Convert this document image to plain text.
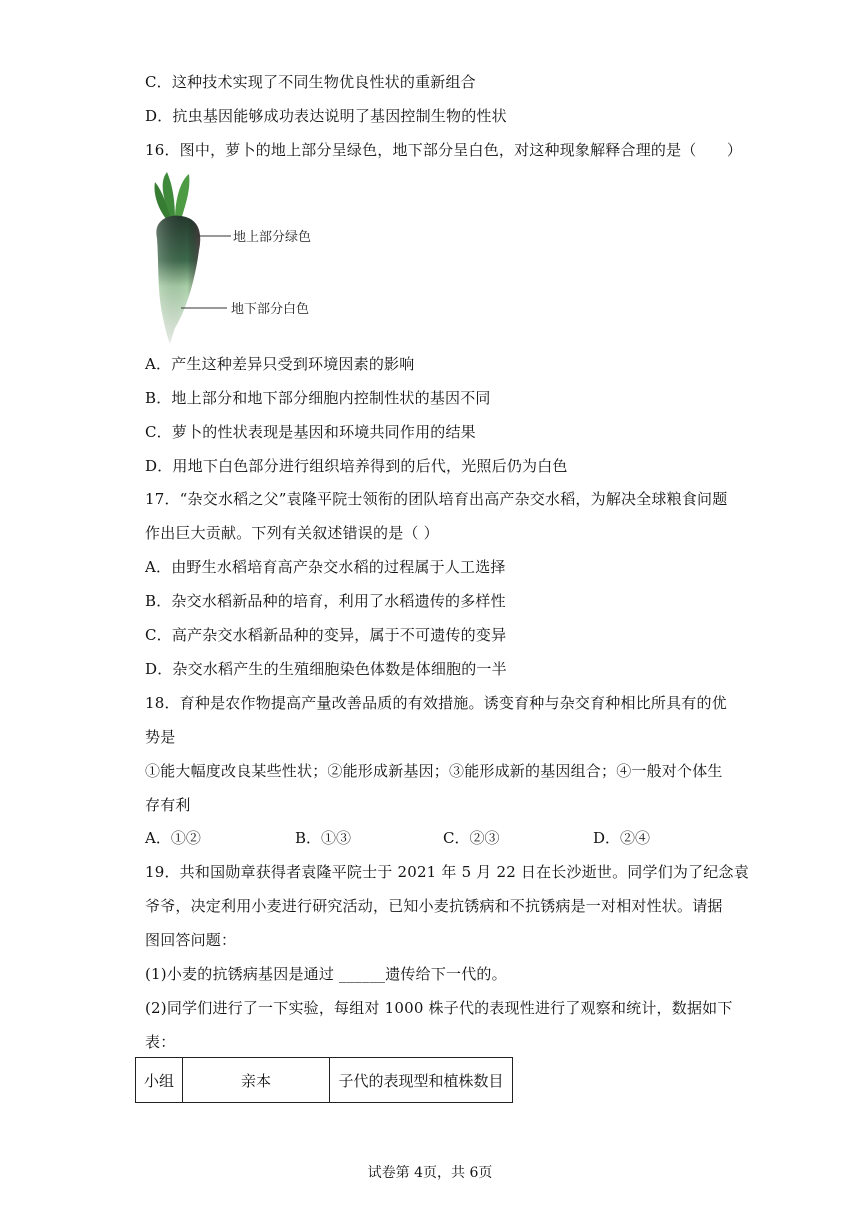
C．这种技术实现了不同生物优良性状的重新组合
D．抗虫基因能够成功表达说明了基因控制生物的性状
16．图中，萝卜的地上部分呈绿色，地下部分呈白色，对这种现象解释合理的是（　　）
地上部分绿色
地下部分白色
A．产生这种差异只受到环境因素的影响
B．地上部分和地下部分细胞内控制性状的基因不同
C．萝卜的性状表现是基因和环境共同作用的结果
D．用地下白色部分进行组织培养得到的后代，光照后仍为白色
17．“杂交水稻之父”袁隆平院士领衔的团队培育出高产杂交水稻，为解决全球粮食问题
作出巨大贡献。下列有关叙述错误的是（ ）
A．由野生水稻培育高产杂交水稻的过程属于人工选择
B．杂交水稻新品种的培育，利用了水稻遗传的多样性
C．高产杂交水稻新品种的变异，属于不可遗传的变异
D．杂交水稻产生的生殖细胞染色体数是体细胞的一半
18．育种是农作物提高产量改善品质的有效措施。诱变育种与杂交育种相比所具有的优
势是
①能大幅度改良某些性状；②能形成新基因；③能形成新的基因组合；④一般对个体生
存有利
A．①②	B．①③	C．②③	D．②④
19．共和国勋章获得者袁隆平院士于 2021 年 5 月 22 日在长沙逝世。同学们为了纪念袁
爷爷，决定利用小麦进行研究活动，已知小麦抗锈病和不抗锈病是一对相对性状。请据
图回答问题：
(1)小麦的抗锈病基因是通过 ______遗传给下一代的。
(2)同学们进行了一下实验，每组对 1000 株子代的表现性进行了观察和统计，数据如下
表：
小组	亲本	子代的表现型和植株数目
试卷第 4页，共 6页
